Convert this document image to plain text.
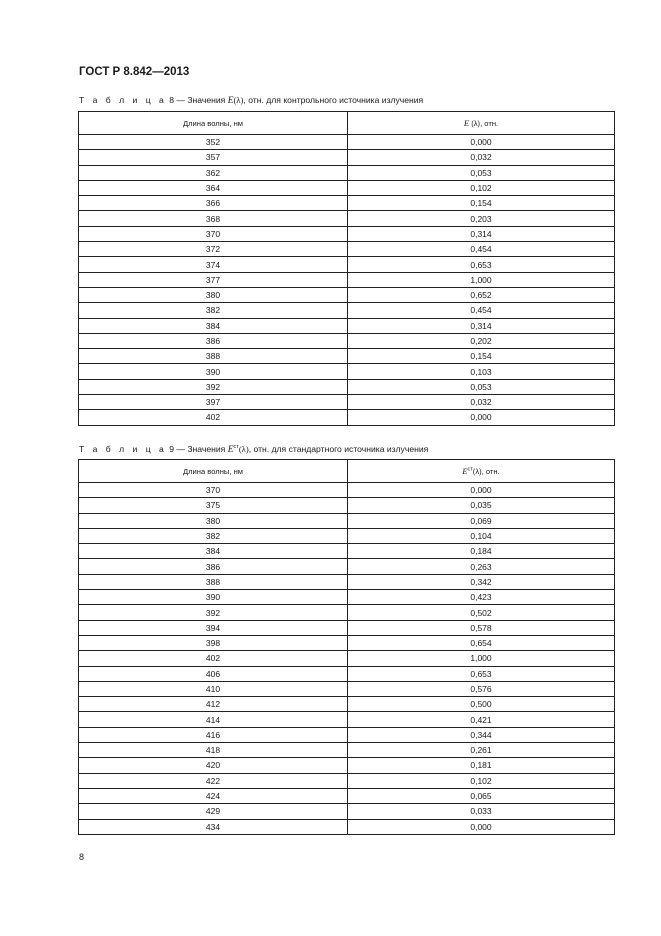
ГОСТ Р 8.842—2013
Т а б л и ц а 8 — Значения E(λ), отн. для контрольного источника излучения
Длина волны, нм	E (λ), отн.
352	0,000
357	0,032
362	0,053
364	0,102
366	0,154
368	0,203
370	0,314
372	0,454
374	0,653
377	1,000
380	0,652
382	0,454
384	0,314
386	0,202
388	0,154
390	0,103
392	0,053
397	0,032
402	0,000
Т а б л и ц а 9 — Значения $E^{ст}(\lambda)$, отн. для стандартного источника излучения
Длина волны, нм	$E^{ст}(\lambda)$, отн.
370	0,000
375	0,035
380	0,069
382	0,104
384	0,184
386	0,263
388	0,342
390	0,423
392	0,502
394	0,578
398	0,654
402	1,000
406	0,653
410	0,576
412	0,500
414	0,421
416	0,344
418	0,261
420	0,181
422	0,102
424	0,065
429	0,033
434	0,000
8
